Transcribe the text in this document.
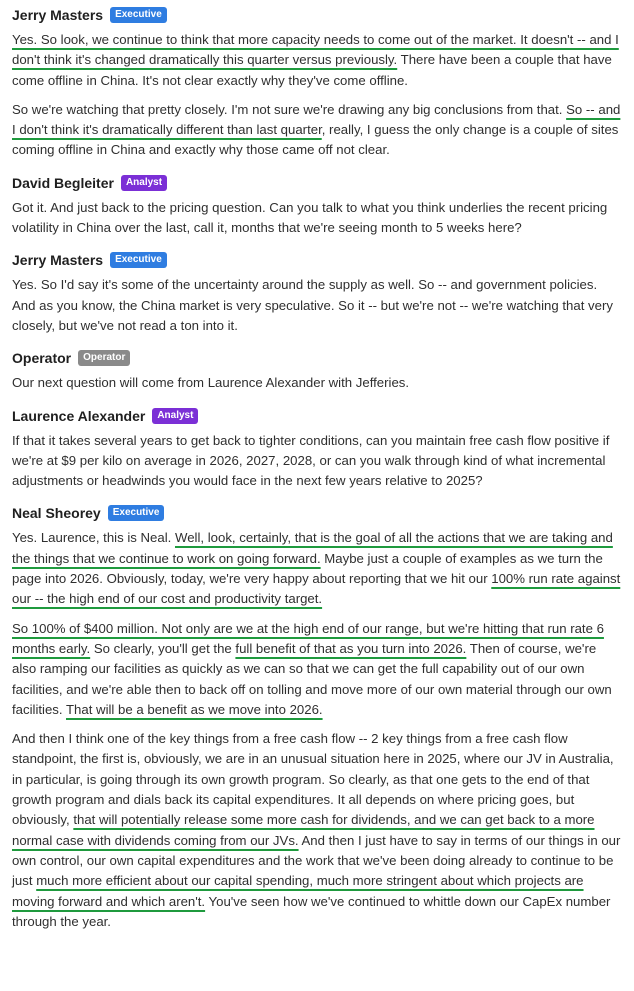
Jerry Masters	Executive

Yes. So look, we continue to think that more capacity needs to come out of the market. It doesn't -- and I don't think it's changed dramatically this quarter versus previously. There have been a couple that have come offline in China. It's not clear exactly why they've come offline.

So we're watching that pretty closely. I'm not sure we're drawing any big conclusions from that. So -- and I don't think it's dramatically different than last quarter, really, I guess the only change is a couple of sites coming offline in China and exactly why those came off not clear.

David Begleiter	Analyst

Got it. And just back to the pricing question. Can you talk to what you think underlies the recent pricing volatility in China over the last, call it, months that we're seeing month to 5 weeks here?

Jerry Masters	Executive

Yes. So I'd say it's some of the uncertainty around the supply as well. So -- and government policies. And as you know, the China market is very speculative. So it -- but we're not -- we're watching that very closely, but we've not read a ton into it.

Operator	Operator

Our next question will come from Laurence Alexander with Jefferies.

Laurence Alexander	Analyst

If that it takes several years to get back to tighter conditions, can you maintain free cash flow positive if we're at $9 per kilo on average in 2026, 2027, 2028, or can you walk through kind of what incremental adjustments or headwinds you would face in the next few years relative to 2025?

Neal Sheorey	Executive

Yes. Laurence, this is Neal. Well, look, certainly, that is the goal of all the actions that we are taking and the things that we continue to work on going forward. Maybe just a couple of examples as we turn the page into 2026. Obviously, today, we're very happy about reporting that we hit our 100% run rate against our -- the high end of our cost and productivity target.

So 100% of $400 million. Not only are we at the high end of our range, but we're hitting that run rate 6 months early. So clearly, you'll get the full benefit of that as you turn into 2026. Then of course, we're also ramping our facilities as quickly as we can so that we can get the full capability out of our own facilities, and we're able then to back off on tolling and move more of our own material through our own facilities. That will be a benefit as we move into 2026.

And then I think one of the key things from a free cash flow -- 2 key things from a free cash flow standpoint, the first is, obviously, we are in an unusual situation here in 2025, where our JV in Australia, in particular, is going through its own growth program. So clearly, as that one gets to the end of that growth program and dials back its capital expenditures. It all depends on where pricing goes, but obviously, that will potentially release some more cash for dividends, and we can get back to a more normal case with dividends coming from our JVs. And then I just have to say in terms of our things in our own control, our own capital expenditures and the work that we've been doing already to continue to be just much more efficient about our capital spending, much more stringent about which projects are moving forward and which aren't. You've seen how we've continued to whittle down our CapEx number through the year.
